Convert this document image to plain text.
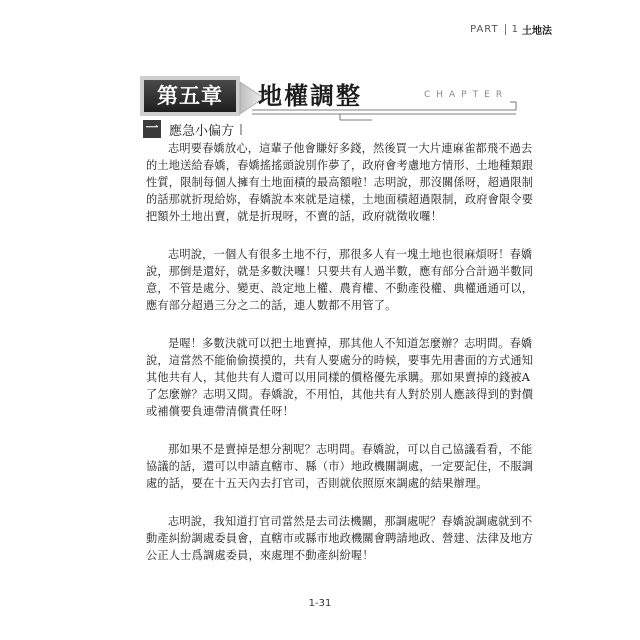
PART 1 土地法
第五章	地權調整	CHAPTER
一 應急小偏方

志明要春嬌放心，這輩子他會賺好多錢，然後買一大片連麻雀都飛不過去
的土地送給春嬌，春嬌搖搖頭說別作夢了，政府會考慮地方情形、土地種類跟
性質，限制每個人擁有土地面積的最高額啦！志明說，那沒關係呀，超過限制
的話那就折現給妳，春嬌說本來就是這樣，土地面積超過限制，政府會限令要
把額外土地出賣，就是折現呀，不賣的話，政府就徵收囉！

志明說，一個人有很多土地不行，那很多人有一塊土地也很麻煩呀！春嬌
說，那倒是還好，就是多數決囉！只要共有人過半數，應有部分合計過半數同
意，不管是處分、變更、設定地上權、農育權、不動產役權、典權通通可以，
應有部分超過三分之二的話，連人數都不用管了。

是喔！多數決就可以把土地賣掉，那其他人不知道怎麼辦？志明問。春嬌
說，這當然不能偷偷摸摸的，共有人要處分的時候，要事先用書面的方式通知
其他共有人，其他共有人還可以用同樣的價格優先承購。那如果賣掉的錢被A
了怎麼辦？志明又問。春嬌說，不用怕，其他共有人對於別人應該得到的對價
或補償要負連帶清償責任呀！

那如果不是賣掉是想分割呢？志明問。春嬌說，可以自己協議看看，不能
協議的話，還可以申請直轄市、縣（市）地政機關調處，一定要記住，不服調
處的話，要在十五天內去打官司，否則就依照原來調處的結果辦理。

志明說，我知道打官司當然是去司法機關，那調處呢？春嬌說調處就到不
動產糾紛調處委員會，直轄市或縣市地政機關會聘請地政、營建、法律及地方
公正人士爲調處委員，來處理不動產糾紛喔！

1-31
